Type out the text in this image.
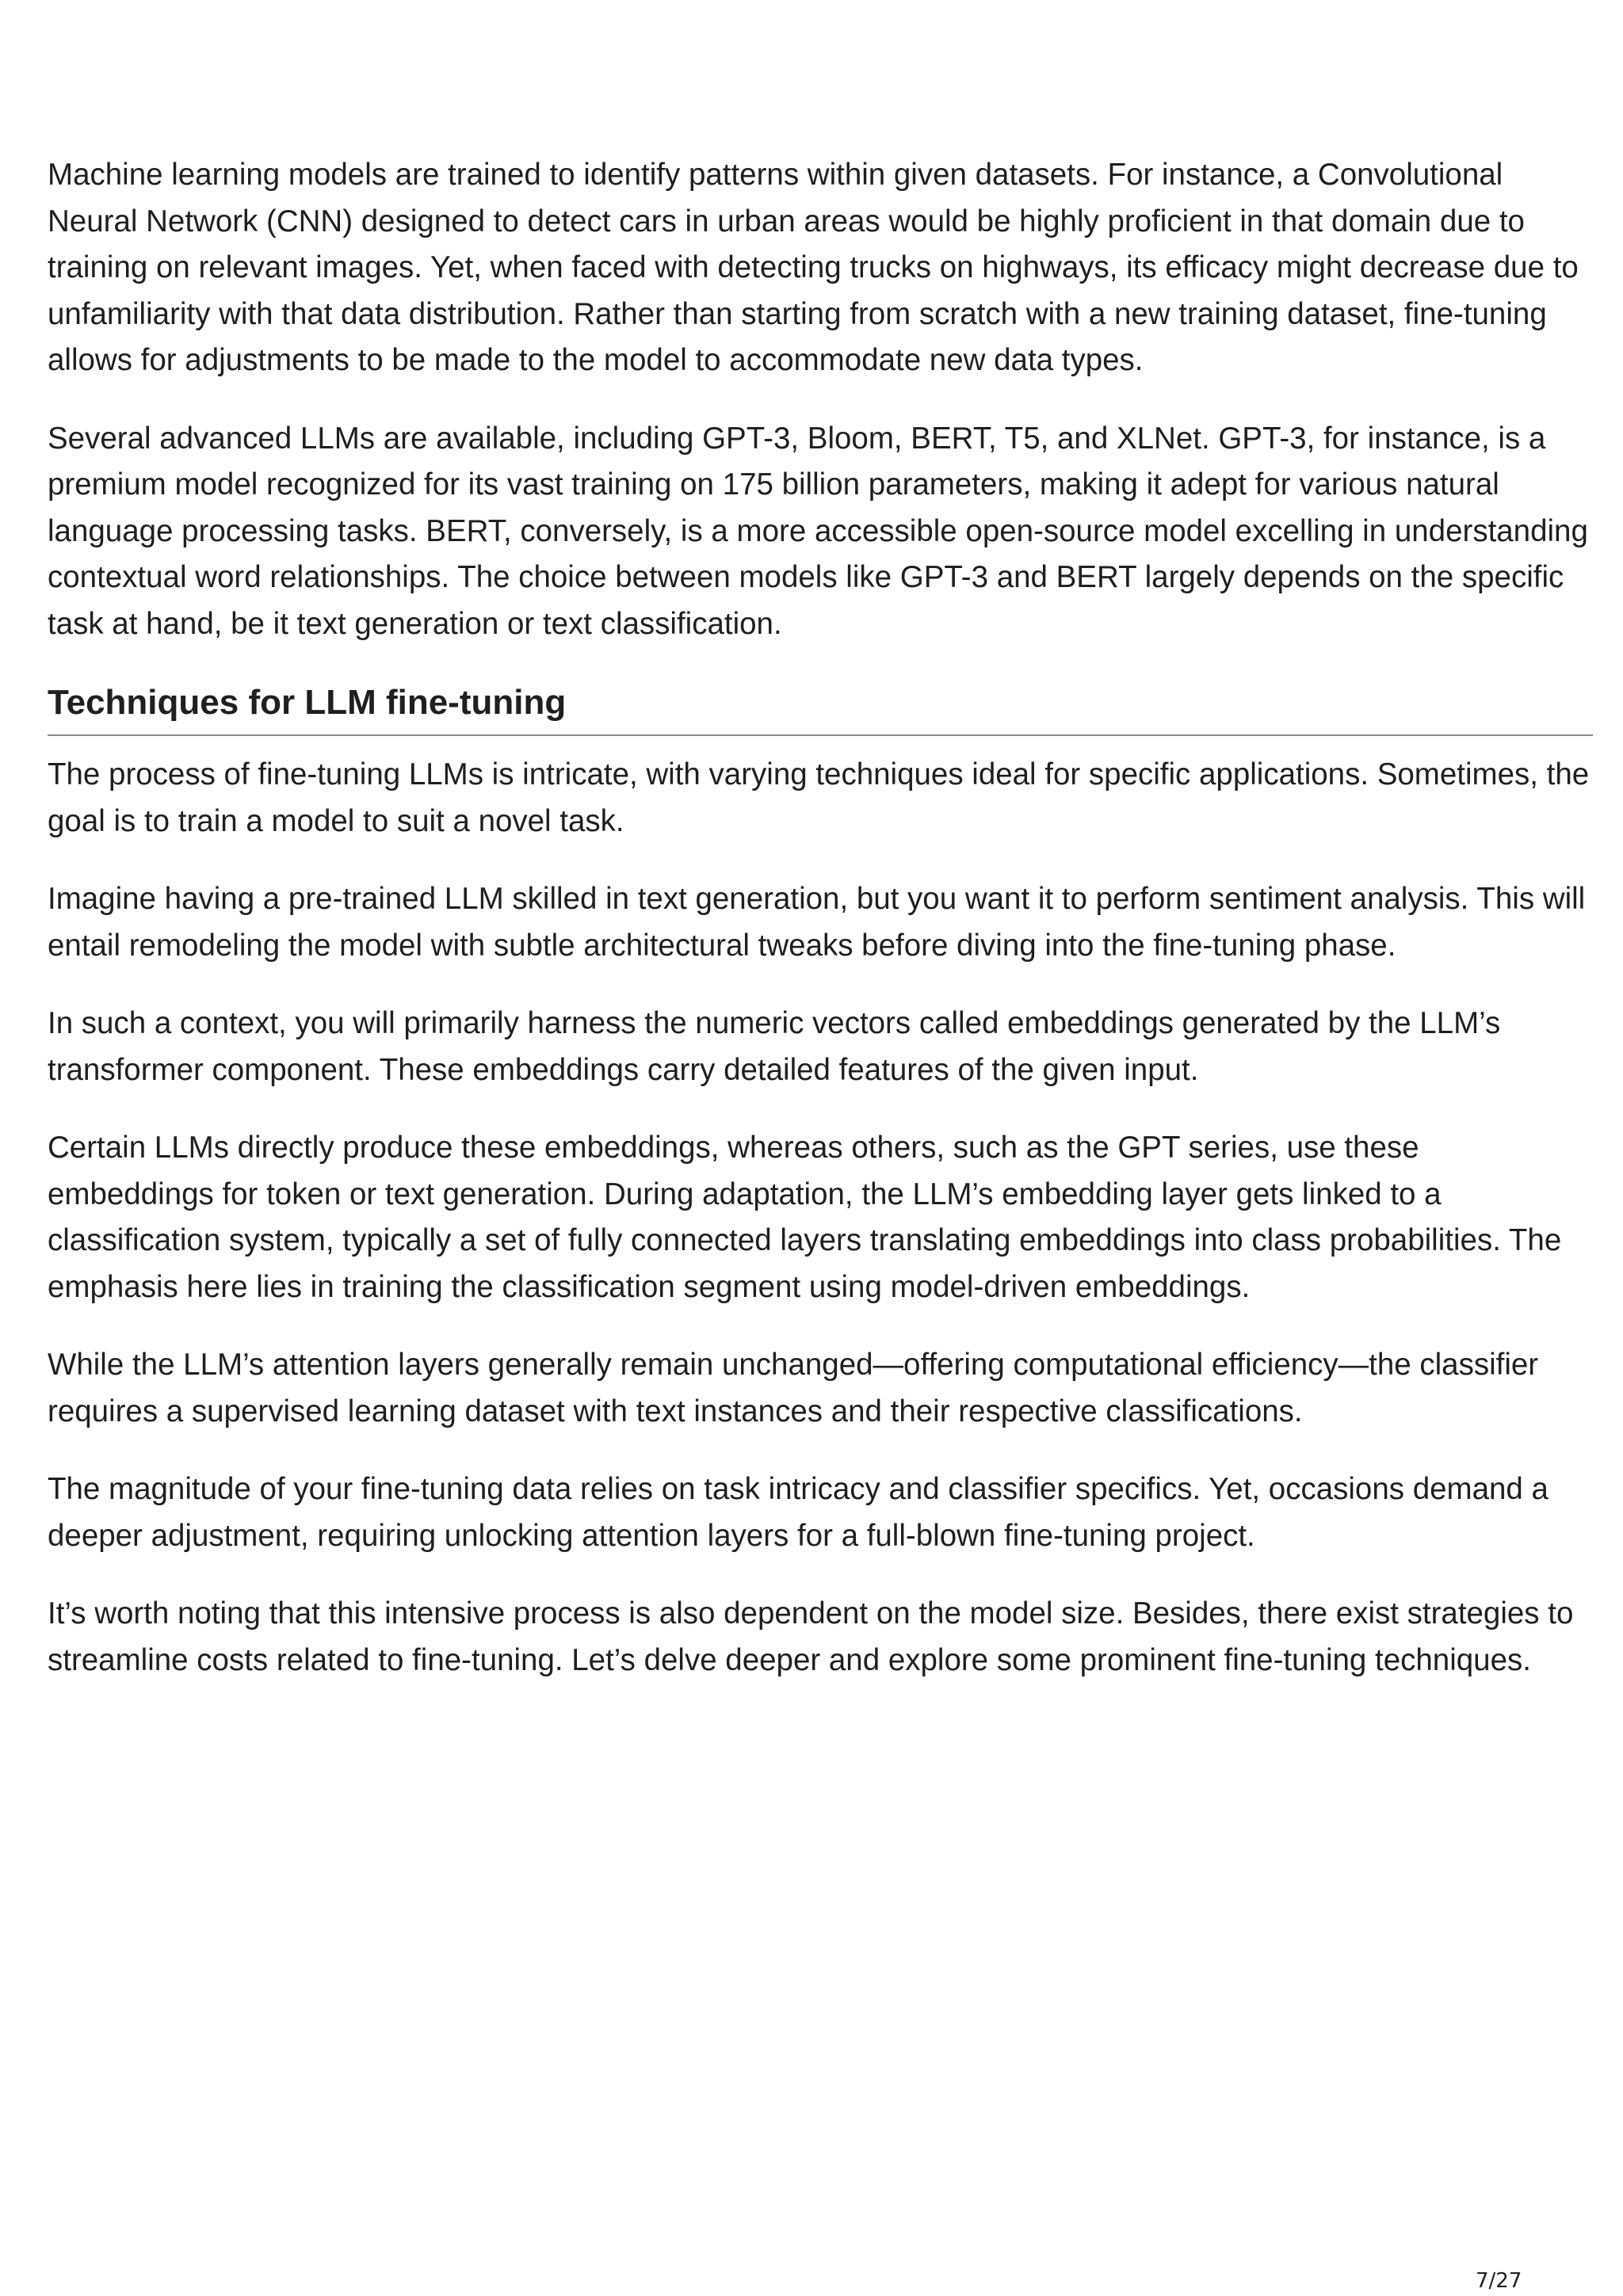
Machine learning models are trained to identify patterns within given datasets. For instance, a Convolutional Neural Network (CNN) designed to detect cars in urban areas would be highly proficient in that domain due to training on relevant images. Yet, when faced with detecting trucks on highways, its efficacy might decrease due to unfamiliarity with that data distribution. Rather than starting from scratch with a new training dataset, fine-tuning allows for adjustments to be made to the model to accommodate new data types.

Several advanced LLMs are available, including GPT-3, Bloom, BERT, T5, and XLNet. GPT-3, for instance, is a premium model recognized for its vast training on 175 billion parameters, making it adept for various natural language processing tasks. BERT, conversely, is a more accessible open-source model excelling in understanding contextual word relationships. The choice between models like GPT-3 and BERT largely depends on the specific task at hand, be it text generation or text classification.

Techniques for LLM fine-tuning

The process of fine-tuning LLMs is intricate, with varying techniques ideal for specific applications. Sometimes, the goal is to train a model to suit a novel task.

Imagine having a pre-trained LLM skilled in text generation, but you want it to perform sentiment analysis. This will entail remodeling the model with subtle architectural tweaks before diving into the fine-tuning phase.

In such a context, you will primarily harness the numeric vectors called embeddings generated by the LLM’s transformer component. These embeddings carry detailed features of the given input.

Certain LLMs directly produce these embeddings, whereas others, such as the GPT series, use these embeddings for token or text generation. During adaptation, the LLM’s embedding layer gets linked to a classification system, typically a set of fully connected layers translating embeddings into class probabilities. The emphasis here lies in training the classification segment using model-driven embeddings.

While the LLM’s attention layers generally remain unchanged—offering computational efficiency—the classifier requires a supervised learning dataset with text instances and their respective classifications.

The magnitude of your fine-tuning data relies on task intricacy and classifier specifics. Yet, occasions demand a deeper adjustment, requiring unlocking attention layers for a full-blown fine-tuning project.

It’s worth noting that this intensive process is also dependent on the model size. Besides, there exist strategies to streamline costs related to fine-tuning. Let’s delve deeper and explore some prominent fine-tuning techniques.

7/27
